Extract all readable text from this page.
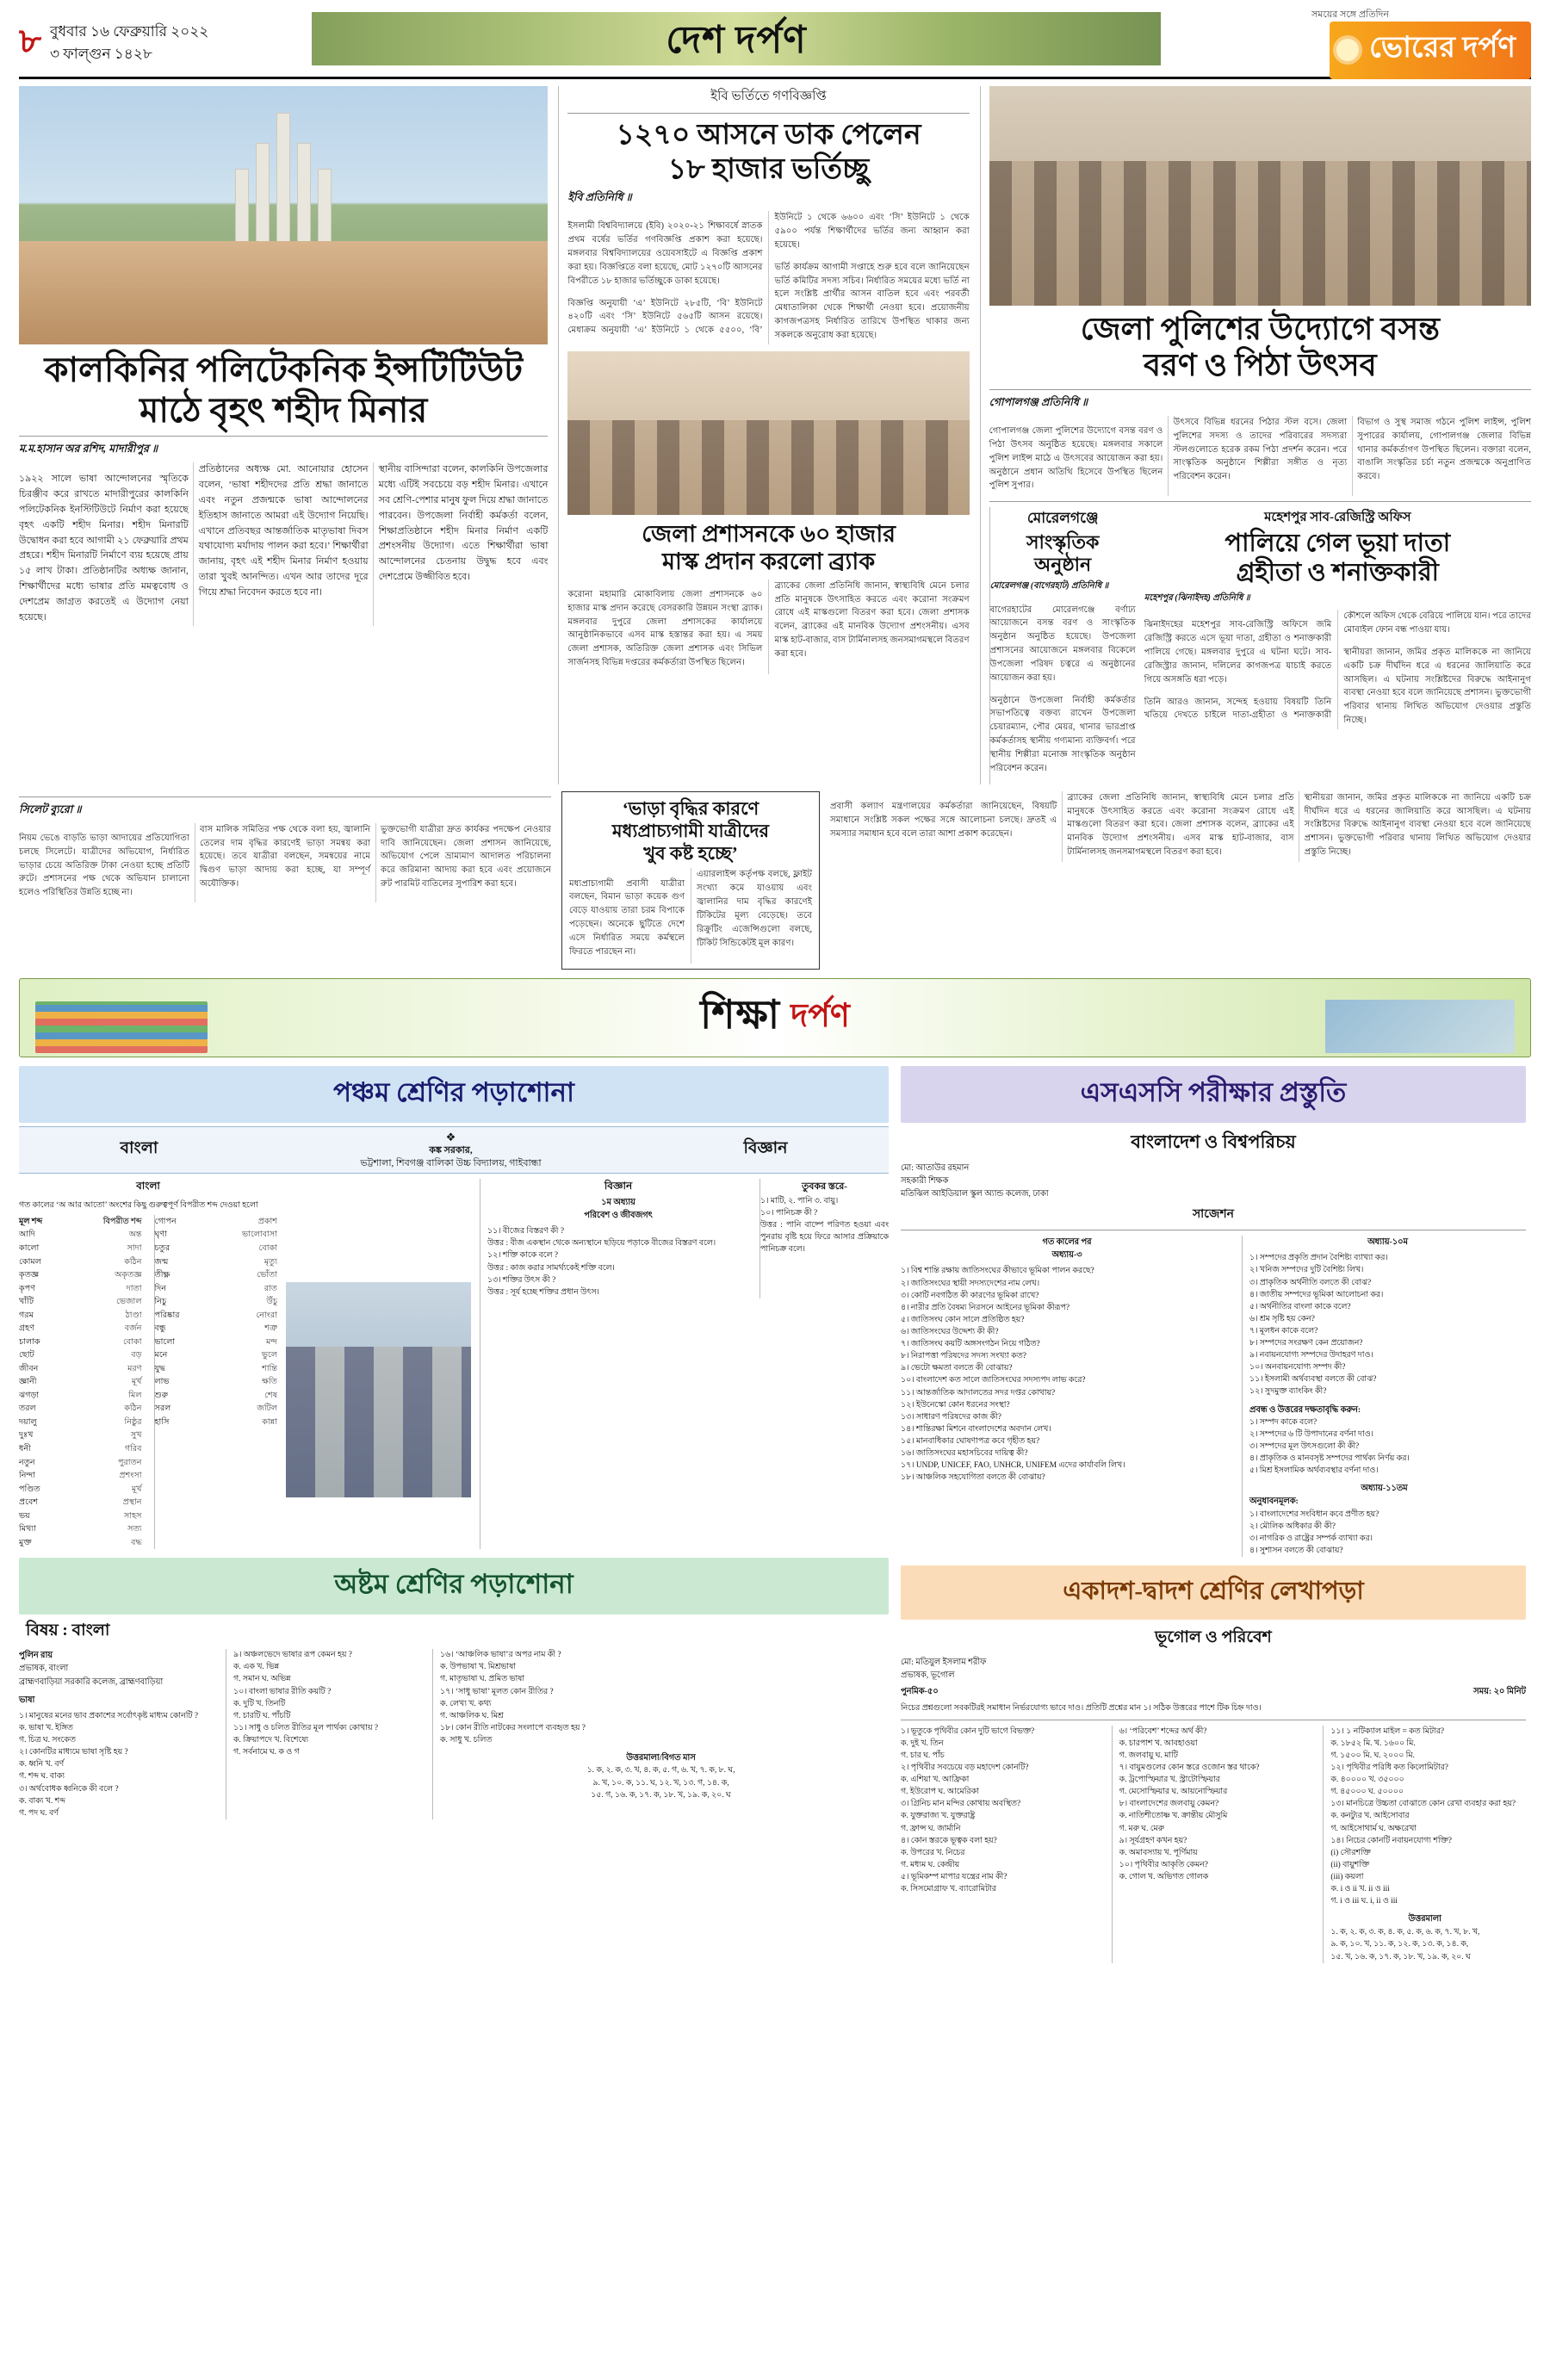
৮ বুধবার ১৬ ফেব্রুয়ারি ২০২২
৩ ফাল্গুন ১৪২৮	দেশ দর্পণ
সময়ের সঙ্গে প্রতিদিন
ভোরের দর্পণ
কালকিনির পলিটেকনিক ইন্সটিটিউট
মাঠে বৃহৎ শহীদ মিনার
ম.ম.হাসান অর রশিদ, মাদারীপুর ॥

১৯২২ সালে ভাষা আন্দোলনের স্মৃতিকে চিরঞ্জীব করে রাখতে মাদারীপুরের কালকিনি পলিটেকনিক ইনস্টিটিউটে নির্মাণ করা হয়েছে বৃহৎ একটি শহীদ মিনার। শহীদ মিনারটি উদ্বোধন করা হবে আগামী ২১ ফেব্রুয়ারি প্রথম প্রহরে। শহীদ মিনারটি নির্মাণে ব্যয় হয়েছে প্রায় ১৫ লাখ টাকা। প্রতিষ্ঠানটির অধ্যক্ষ জানান, শিক্ষার্থীদের মধ্যে ভাষার প্রতি মমত্ববোধ ও দেশপ্রেম জাগ্রত করতেই এ উদ্যোগ নেয়া হয়েছে।

প্রতিষ্ঠানের অধ্যক্ষ মো. আনোয়ার হোসেন বলেন, ‘ভাষা শহীদদের প্রতি শ্রদ্ধা জানাতে এবং নতুন প্রজন্মকে ভাষা আন্দোলনের ইতিহাস জানাতে আমরা এই উদ্যোগ নিয়েছি। এখানে প্রতিবছর আন্তর্জাতিক মাতৃভাষা দিবস যথাযোগ্য মর্যাদায় পালন করা হবে।’ শিক্ষার্থীরা জানায়, বৃহৎ এই শহীদ মিনার নির্মাণ হওয়ায় তারা খুবই আনন্দিত। এখন আর তাদের দূরে গিয়ে শ্রদ্ধা নিবেদন করতে হবে না।

স্থানীয় বাসিন্দারা বলেন, কালকিনি উপজেলার মধ্যে এটিই সবচেয়ে বড় শহীদ মিনার। এখানে সব শ্রেণি-পেশার মানুষ ফুল দিয়ে শ্রদ্ধা জানাতে পারবেন। উপজেলা নির্বাহী কর্মকর্তা বলেন, শিক্ষাপ্রতিষ্ঠানে শহীদ মিনার নির্মাণ একটি প্রশংসনীয় উদ্যোগ। এতে শিক্ষার্থীরা ভাষা আন্দোলনের চেতনায় উদ্বুদ্ধ হবে এবং দেশপ্রেমে উজ্জীবিত হবে।

ইবি ভর্তিতে গণবিজ্ঞপ্তি
১২৭০ আসনে ডাক পেলেন
১৮ হাজার ভর্তিচ্ছু
ইবি প্রতিনিধি ॥

ইসলামী বিশ্ববিদ্যালয়ে (ইবি) ২০২০-২১ শিক্ষাবর্ষে স্নাতক প্রথম বর্ষের ভর্তির গণবিজ্ঞপ্তি প্রকাশ করা হয়েছে। মঙ্গলবার বিশ্ববিদ্যালয়ের ওয়েবসাইটে এ বিজ্ঞপ্তি প্রকাশ করা হয়। বিজ্ঞপ্তিতে বলা হয়েছে, মোট ১২৭০টি আসনের বিপরীতে ১৮ হাজার ভর্তিচ্ছুকে ডাকা হয়েছে।

বিজ্ঞপ্তি অনুযায়ী ‘এ’ ইউনিটে ২৮৫টি, ‘বি’ ইউনিটে ৪২০টি এবং ‘সি’ ইউনিটে ৫৬৫টি আসন রয়েছে। মেধাক্রম অনুযায়ী ‘এ’ ইউনিটে ১ থেকে ৫৫০০, ‘বি’ ইউনিটে ১ থেকে ৬৬০০ এবং ‘সি’ ইউনিটে ১ থেকে ৫৯০০ পর্যন্ত শিক্ষার্থীদের ভর্তির জন্য আহ্বান করা হয়েছে।

ভর্তি কার্যক্রম আগামী সপ্তাহে শুরু হবে বলে জানিয়েছেন ভর্তি কমিটির সদস্য সচিব। নির্ধারিত সময়ের মধ্যে ভর্তি না হলে সংশ্লিষ্ট প্রার্থীর আসন বাতিল হবে এবং পরবর্তী মেধাতালিকা থেকে শিক্ষার্থী নেওয়া হবে। প্রয়োজনীয় কাগজপত্রসহ নির্ধারিত তারিখে উপস্থিত থাকার জন্য সকলকে অনুরোধ করা হয়েছে।

জেলা প্রশাসনকে ৬০ হাজার
মাস্ক প্রদান করলো ব্র্যাক

করোনা মহামারি মোকাবিলায় জেলা প্রশাসনকে ৬০ হাজার মাস্ক প্রদান করেছে বেসরকারি উন্নয়ন সংস্থা ব্র্যাক। মঙ্গলবার দুপুরে জেলা প্রশাসকের কার্যালয়ে আনুষ্ঠানিকভাবে এসব মাস্ক হস্তান্তর করা হয়। এ সময় জেলা প্রশাসক, অতিরিক্ত জেলা প্রশাসক এবং সিভিল সার্জনসহ বিভিন্ন দপ্তরের কর্মকর্তারা উপস্থিত ছিলেন।

ব্র্যাকের জেলা প্রতিনিধি জানান, স্বাস্থ্যবিধি মেনে চলার প্রতি মানুষকে উৎসাহিত করতে এবং করোনা সংক্রমণ রোধে এই মাস্কগুলো বিতরণ করা হবে। জেলা প্রশাসক বলেন, ব্র্যাকের এই মানবিক উদ্যোগ প্রশংসনীয়। এসব মাস্ক হাট-বাজার, বাস টার্মিনালসহ জনসমাগমস্থলে বিতরণ করা হবে।

জেলা পুলিশের উদ্যোগে বসন্ত
বরণ ও পিঠা উৎসব
গোপালগঞ্জ প্রতিনিধি ॥

গোপালগঞ্জ জেলা পুলিশের উদ্যোগে বসন্ত বরণ ও পিঠা উৎসব অনুষ্ঠিত হয়েছে। মঙ্গলবার সকালে পুলিশ লাইন্স মাঠে এ উৎসবের আয়োজন করা হয়। অনুষ্ঠানে প্রধান অতিথি হিসেবে উপস্থিত ছিলেন পুলিশ সুপার।

উৎসবে বিভিন্ন ধরনের পিঠার স্টল বসে। জেলা পুলিশের সদস্য ও তাদের পরিবারের সদস্যরা স্টলগুলোতে হরেক রকম পিঠা প্রদর্শন করেন। পরে সাংস্কৃতিক অনুষ্ঠানে শিল্পীরা সঙ্গীত ও নৃত্য পরিবেশন করেন।

বিভাগ ও সুস্থ সমাজ গঠনে পুলিশ লাইন্স, পুলিশ সুপারের কার্যালয়, গোপালগঞ্জ জেলার বিভিন্ন থানার কর্মকর্তাগণ উপস্থিত ছিলেন। বক্তারা বলেন, বাঙালি সংস্কৃতির চর্চা নতুন প্রজন্মকে অনুপ্রাণিত করবে।

মোরেলগঞ্জে
সাংস্কৃতিক
অনুষ্ঠান
মোরেলগঞ্জ (বাগেরহাট) প্রতিনিধি ॥

বাগেরহাটের মোরেলগঞ্জে বর্ণাঢ্য আয়োজনে বসন্ত বরণ ও সাংস্কৃতিক অনুষ্ঠান অনুষ্ঠিত হয়েছে। উপজেলা প্রশাসনের আয়োজনে মঙ্গলবার বিকেলে উপজেলা পরিষদ চত্বরে এ অনুষ্ঠানের আয়োজন করা হয়।

অনুষ্ঠানে উপজেলা নির্বাহী কর্মকর্তার সভাপতিত্বে বক্তব্য রাখেন উপজেলা চেয়ারম্যান, পৌর মেয়র, থানার ভারপ্রাপ্ত কর্মকর্তাসহ স্থানীয় গণ্যমান্য ব্যক্তিবর্গ। পরে স্থানীয় শিল্পীরা মনোজ্ঞ সাংস্কৃতিক অনুষ্ঠান পরিবেশন করেন।

মহেশপুর সাব-রেজিস্ট্রি অফিস
পালিয়ে গেল ভূয়া দাতা
গ্রহীতা ও শনাক্তকারী
মহেশপুর (ঝিনাইদহ) প্রতিনিধি ॥

ঝিনাইদহের মহেশপুর সাব-রেজিস্ট্রি অফিসে জমি রেজিস্ট্রি করতে এসে ভূয়া দাতা, গ্রহীতা ও শনাক্তকারী পালিয়ে গেছে। মঙ্গলবার দুপুরে এ ঘটনা ঘটে। সাব-রেজিস্ট্রার জানান, দলিলের কাগজপত্র যাচাই করতে গিয়ে অসঙ্গতি ধরা পড়ে।

তিনি আরও জানান, সন্দেহ হওয়ায় বিষয়টি তিনি খতিয়ে দেখতে চাইলে দাতা-গ্রহীতা ও শনাক্তকারী কৌশলে অফিস থেকে বেরিয়ে পালিয়ে যান। পরে তাদের মোবাইল ফোন বন্ধ পাওয়া যায়।

স্থানীয়রা জানান, জমির প্রকৃত মালিককে না জানিয়ে একটি চক্র দীর্ঘদিন ধরে এ ধরনের জালিয়াতি করে আসছিল। এ ঘটনায় সংশ্লিষ্টদের বিরুদ্ধে আইনানুগ ব্যবস্থা নেওয়া হবে বলে জানিয়েছে প্রশাসন। ভুক্তভোগী পরিবার থানায় লিখিত অভিযোগ দেওয়ার প্রস্তুতি নিচ্ছে।

সিলেট ব্যুরো ॥

নিয়ম ভেঙে বাড়তি ভাড়া আদায়ের প্রতিযোগিতা চলছে সিলেটে। যাত্রীদের অভিযোগ, নির্ধারিত ভাড়ার চেয়ে অতিরিক্ত টাকা নেওয়া হচ্ছে প্রতিটি রুটে। প্রশাসনের পক্ষ থেকে অভিযান চালানো হলেও পরিস্থিতির উন্নতি হচ্ছে না।

বাস মালিক সমিতির পক্ষ থেকে বলা হয়, জ্বালানি তেলের দাম বৃদ্ধির কারণেই ভাড়া সমন্বয় করা হয়েছে। তবে যাত্রীরা বলছেন, সমন্বয়ের নামে দ্বিগুণ ভাড়া আদায় করা হচ্ছে, যা সম্পূর্ণ অযৌক্তিক।

ভুক্তভোগী যাত্রীরা দ্রুত কার্যকর পদক্ষেপ নেওয়ার দাবি জানিয়েছেন। জেলা প্রশাসন জানিয়েছে, অভিযোগ পেলে ভ্রাম্যমাণ আদালত পরিচালনা করে জরিমানা আদায় করা হবে এবং প্রয়োজনে রুট পারমিট বাতিলের সুপারিশ করা হবে।

‘ভাড়া বৃদ্ধির কারণে
মধ্যপ্রাচ্যগামী যাত্রীদের
খুব কষ্ট হচ্ছে’

মধ্যপ্রাচ্যগামী প্রবাসী যাত্রীরা বলছেন, বিমান ভাড়া কয়েক গুণ বেড়ে যাওয়ায় তারা চরম বিপাকে পড়েছেন। অনেকে ছুটিতে দেশে এসে নির্ধারিত সময়ে কর্মস্থলে ফিরতে পারছেন না।

এয়ারলাইন্স কর্তৃপক্ষ বলছে, ফ্লাইট সংখ্যা কমে যাওয়ায় এবং জ্বালানির দাম বৃদ্ধির কারণেই টিকিটের মূল্য বেড়েছে। তবে রিক্রুটিং এজেন্সিগুলো বলছে, টিকিট সিন্ডিকেটই মূল কারণ।

প্রবাসী কল্যাণ মন্ত্রণালয়ের কর্মকর্তারা জানিয়েছেন, বিষয়টি সমাধানে সংশ্লিষ্ট সকল পক্ষের সঙ্গে আলোচনা চলছে। দ্রুতই এ সমস্যার সমাধান হবে বলে তারা আশা প্রকাশ করেছেন।

ব্র্যাকের জেলা প্রতিনিধি জানান, স্বাস্থ্যবিধি মেনে চলার প্রতি মানুষকে উৎসাহিত করতে এবং করোনা সংক্রমণ রোধে এই মাস্কগুলো বিতরণ করা হবে। জেলা প্রশাসক বলেন, ব্র্যাকের এই মানবিক উদ্যোগ প্রশংসনীয়। এসব মাস্ক হাট-বাজার, বাস টার্মিনালসহ জনসমাগমস্থলে বিতরণ করা হবে।

স্থানীয়রা জানান, জমির প্রকৃত মালিককে না জানিয়ে একটি চক্র দীর্ঘদিন ধরে এ ধরনের জালিয়াতি করে আসছিল। এ ঘটনায় সংশ্লিষ্টদের বিরুদ্ধে আইনানুগ ব্যবস্থা নেওয়া হবে বলে জানিয়েছে প্রশাসন। ভুক্তভোগী পরিবার থানায় লিখিত অভিযোগ দেওয়ার প্রস্তুতি নিচ্ছে।

শিক্ষা দর্পণ
পঞ্চম শ্রেণির পড়াশোনা
বাংলা
❖
কঙ্ক সরকার,
ভট্টশালা, শিবগঞ্জ বালিকা উচ্চ বিদ্যালয়, গাইবান্ধা
বিজ্ঞান
বাংলা
গত কালের ‘অ আর আতো’ অংশের কিছু গুরুত্বপূর্ণ বিপরীত শব্দ দেওয়া হলো
মূল শব্দ	বিপরীত শব্দ
আদি	অন্ত
কালো	সাদা
কোমল	কঠিন
কৃতজ্ঞ	অকৃতজ্ঞ
কৃপণ	দাতা
খাঁটি	ভেজাল
গরম	ঠাণ্ডা
গ্রহণ	বর্জন
চালাক	বোকা
ছোট	বড়
জীবন	মরণ
জ্ঞানী	মূর্খ
ঝগড়া	মিল
তরল	কঠিন
দয়ালু	নিষ্ঠুর
দুঃখ	সুখ
ধনী	গরিব
নতুন	পুরাতন
নিন্দা	প্রশংসা
পণ্ডিত	মূর্খ
প্রবেশ	প্রস্থান
ভয়	সাহস
মিথ্যা	সত্য
মুক্ত	বদ্ধ
গোপন	প্রকাশ
ঘৃণা	ভালোবাসা
চতুর	বোকা
জন্ম	মৃত্যু
তীক্ষ্ণ	ভোঁতা
দিন	রাত
নিচু	উঁচু
পরিষ্কার	নোংরা
বন্ধু	শত্রু
ভালো	মন্দ
মনে	ভুলে
যুদ্ধ	শান্তি
লাভ	ক্ষতি
শুরু	শেষ
সরল	জটিল
হাসি	কান্না
বিজ্ঞান
১ম অধ্যায়
পরিবেশ ও জীবজগৎ
১১। বীজের বিস্তরণ কী ?
উত্তর : বীজ একস্থান থেকে অন্যস্থানে ছড়িয়ে পড়াকে বীজের বিস্তরণ বলে।
১২। শক্তি কাকে বলে ?
উত্তর : কাজ করার সামর্থ্যকেই শক্তি বলে।
১৩। শক্তির উৎস কী ?
উত্তর : সূর্য হচ্ছে শক্তির প্রধান উৎস।
তুবকর স্তরে-
১। মাটি, ২. পানি ৩. বায়ু।
১০। পানিচক্র কী ?
উত্তর : পানি বাষ্পে পরিণত হওয়া এবং পুনরায় বৃষ্টি হয়ে ফিরে আসার প্রক্রিয়াকে পানিচক্র বলে।
অষ্টম শ্রেণির পড়াশোনা
বিষয় : বাংলা
পুলিন রায়
প্রভাষক, বাংলা
ব্রাহ্মণবাড়িয়া সরকারি কলেজ, ব্রাহ্মণবাড়িয়া
ভাষা
১। মানুষের মনের ভাব প্রকাশের সর্বোৎকৃষ্ট মাধ্যম কোনটি ?
ক. ভাষা খ. ইঙ্গিত
গ. চিত্র ঘ. সংকেত
২। কোনটির মাধ্যমে ভাষা সৃষ্টি হয় ?
ক. ধ্বনি খ. বর্ণ
গ. শব্দ ঘ. বাক্য
৩। অর্থবোধক ধ্বনিকে কী বলে ?
ক. বাক্য খ. শব্দ
গ. পদ ঘ. বর্ণ
৯। অঞ্চলভেদে ভাষার রূপ কেমন হয় ?
ক. এক খ. ভিন্ন
গ. সমান ঘ. অভিন্ন
১০। বাংলা ভাষার রীতি কয়টি ?
ক. দুটি খ. তিনটি
গ. চারটি ঘ. পাঁচটি
১১। সাধু ও চলিত রীতির মূল পার্থক্য কোথায় ?
ক. ক্রিয়াপদে খ. বিশেষ্যে
গ. সর্বনামে ঘ. ক ও গ
১৬। ‘আঞ্চলিক ভাষা’র অপর নাম কী ?
ক. উপভাষা খ. মিশ্রভাষা
গ. মাতৃভাষা ঘ. প্রমিত ভাষা
১৭। ‘সাধু ভাষা’ মূলত কোন রীতির ?
ক. লেখ্য খ. কথ্য
গ. আঞ্চলিক ঘ. মিশ্র
১৮। কোন রীতি নাটকের সংলাপে ব্যবহৃত হয় ?
ক. সাধু খ. চলিত
উত্তরমালা/বিগত মাস
১. ক, ২. ক, ৩. খ, ৪. ক, ৫. গ, ৬. খ, ৭. ক, ৮. ঘ,
৯. খ, ১০. ক, ১১. ঘ, ১২. খ, ১৩. গ, ১৪. ক,
১৫. গ, ১৬. ক, ১৭. ক, ১৮. খ, ১৯. ক, ২০. ঘ
এসএসসি পরীক্ষার প্রস্তুতি
বাংলাদেশ ও বিশ্বপরিচয়
মো: আতাউর রহমান
সহকারী শিক্ষক
মতিঝিল আইডিয়াল স্কুল অ্যান্ড কলেজ, ঢাকা
সাজেশন
গত কালের পর
অধ্যায়-৩
১। বিশ্ব শান্তি রক্ষায় জাতিসংঘের কীভাবে ভূমিকা পালন করছে?
২। জাতিসংঘের স্থায়ী সদস্যদেশের নাম লেখ।
৩। কোটি নবগঠিত কী কারণের ভূমিকা রাখে?
৪। নারীর প্রতি বৈষম্য নিরসনে আইনের ভূমিকা কীরূপ?
৫। জাতিসংঘ কোন সালে প্রতিষ্ঠিত হয়?
৬। জাতিসংঘের উদ্দেশ্য কী কী?
৭। জাতিসংঘ কয়টি অঙ্গসংগঠন নিয়ে গঠিত?
৮। নিরাপত্তা পরিষদের সদস্য সংখ্যা কত?
৯। ভেটো ক্ষমতা বলতে কী বোঝায়?
১০। বাংলাদেশ কত সালে জাতিসংঘের সদস্যপদ লাভ করে?
১১। আন্তর্জাতিক আদালতের সদর দপ্তর কোথায়?
১২। ইউনেস্কো কোন ধরনের সংস্থা?
১৩। সাধারণ পরিষদের কাজ কী?
১৪। শান্তিরক্ষা মিশনে বাংলাদেশের অবদান লেখ।
১৫। মানবাধিকার ঘোষণাপত্র কবে গৃহীত হয়?
১৬। জাতিসংঘের মহাসচিবের দায়িত্ব কী?
১৭। UNDP, UNICEF, FAO, UNHCR, UNIFEM এদের কার্যাবলি লিখ।
১৮। আঞ্চলিক সহযোগিতা বলতে কী বোঝায়?
অধ্যায়-১০ম
১। সম্পদের প্রকৃতি প্রদান বৈশিষ্ট্য ব্যাখ্যা কর।
২। খনিজ সম্পদের দুটি বৈশিষ্ট্য লিখ।
৩। প্রাকৃতিক অর্থনীতি বলতে কী বোঝ?
৪। জাতীয় সম্পদের ভূমিকা আলোচনা কর।
৫। অর্থনীতির বাংলা কাকে বলে?
৬। শ্রম সৃষ্টি হয় কেন?
৭। মূলধন কাকে বলে?
৮। সম্পদের সংরক্ষণ কেন প্রয়োজন?
৯। নবায়নযোগ্য সম্পদের উদাহরণ দাও।
১০। অনবায়নযোগ্য সম্পদ কী?
১১। ইসলামী অর্থব্যবস্থা বলতে কী বোঝ?
১২। সুদমুক্ত ব্যাংকিং কী?
প্রবন্ধ ও উত্তরের দক্ষতাবৃদ্ধি করুন:
১। সম্পদ কাকে বলে?
২। সম্পদের ৬ টি উপাদানের বর্ণনা দাও।
৩। সম্পদের মূল উৎসগুলো কী কী?
৪। প্রাকৃতিক ও মানবসৃষ্ট সম্পদের পার্থক্য নির্ণয় কর।
৫। মিশ্র ইসলামিক অর্থব্যবস্থার বর্ণনা দাও।
অধ্যায়-১১তম
অনুধাবনমূলক:
১। বাংলাদেশের সংবিধান কবে প্রণীত হয়?
২। মৌলিক অধিকার কী কী?
৩। নাগরিক ও রাষ্ট্রের সম্পর্ক ব্যাখ্যা কর।
৪। সুশাসন বলতে কী বোঝায়?
একাদশ-দ্বাদশ শ্রেণির লেখাপড়া
ভূগোল ও পরিবেশ
মো: মতিয়ুল ইসলাম শরীফ
প্রভাষক, ভূগোল
পুনমিক-৫০	সময়: ২০ মিনিট
নিচের প্রশ্নগুলো সবকটিরই সমাধান নির্ভরযোগ্য ভাবে দাও। প্রতিটি প্রশ্নের মান ১। সঠিক উত্তরের পাশে টিক চিহ্ন দাও।
১। ভূতুকে পৃথিবীর কোন দুটি ভাগে বিভক্ত?
ক. দুই খ. তিন
গ. চার ঘ. পাঁচ
২। পৃথিবীর সবচেয়ে বড় মহাদেশ কোনটি?
ক. এশিয়া খ. আফ্রিকা
গ. ইউরোপ ঘ. আমেরিকা
৩। গ্রিনিচ মান মন্দির কোথায় অবস্থিত?
ক. যুক্তরাজ্য খ. যুক্তরাষ্ট্র
গ. ফ্রান্স ঘ. জার্মানি
৪। কোন স্তরকে ভূত্বক বলা হয়?
ক. উপরের খ. নিচের
গ. মধ্যম ঘ. কেন্দ্রীয়
৫। ভূমিকম্প মাপার যন্ত্রের নাম কী?
ক. সিসমোগ্রাফ খ. ব্যারোমিটার
৬। ‘পরিবেশ’ শব্দের অর্থ কী?
ক. চারপাশ খ. আবহাওয়া
গ. জলবায়ু ঘ. মাটি
৭। বায়ুমণ্ডলের কোন স্তরে ওজোন স্তর থাকে?
ক. ট্রপোস্ফিয়ার খ. স্ট্রাটোস্ফিয়ার
গ. মেসোস্ফিয়ার ঘ. আয়নোস্ফিয়ার
৮। বাংলাদেশের জলবায়ু কেমন?
ক. নাতিশীতোষ্ণ খ. ক্রান্তীয় মৌসুমি
গ. মরু ঘ. মেরু
৯। সূর্যগ্রহণ কখন হয়?
ক. অমাবস্যায় খ. পূর্ণিমায়
১০। পৃথিবীর আকৃতি কেমন?
ক. গোল খ. অভিগত গোলক
১১। ১ নটিক্যাল মাইল = কত মিটার?
ক. ১৮৫২ মি. খ. ১৬০০ মি.
গ. ১৫০০ মি. ঘ. ২০০০ মি.
১২। পৃথিবীর পরিধি কত কিলোমিটার?
ক. ৪০০০০ খ. ৩৫০০০
গ. ৪৫০০০ ঘ. ৫০০০০
১৩। মানচিত্রে উচ্চতা বোঝাতে কোন রেখা ব্যবহার করা হয়?
ক. কনট্যুর খ. আইসোবার
গ. আইসোথার্ম ঘ. অক্ষরেখা
১৪। নিচের কোনটি নবায়নযোগ্য শক্তি?
(i) সৌরশক্তি
(ii) বায়ুশক্তি
(iii) কয়লা
ক. i ও ii খ. ii ও iii
গ. i ও iii ঘ. i, ii ও iii
উত্তরমালা
১. ক, ২. ক, ৩. ক, ৪. ক, ৫. ক, ৬. ক, ৭. খ, ৮. খ,
৯. ক, ১০. খ, ১১. ক, ১২. ক, ১৩. ক, ১৪. ক,
১৫. খ, ১৬. ক, ১৭. ক, ১৮. খ, ১৯. ক, ২০. ঘ
